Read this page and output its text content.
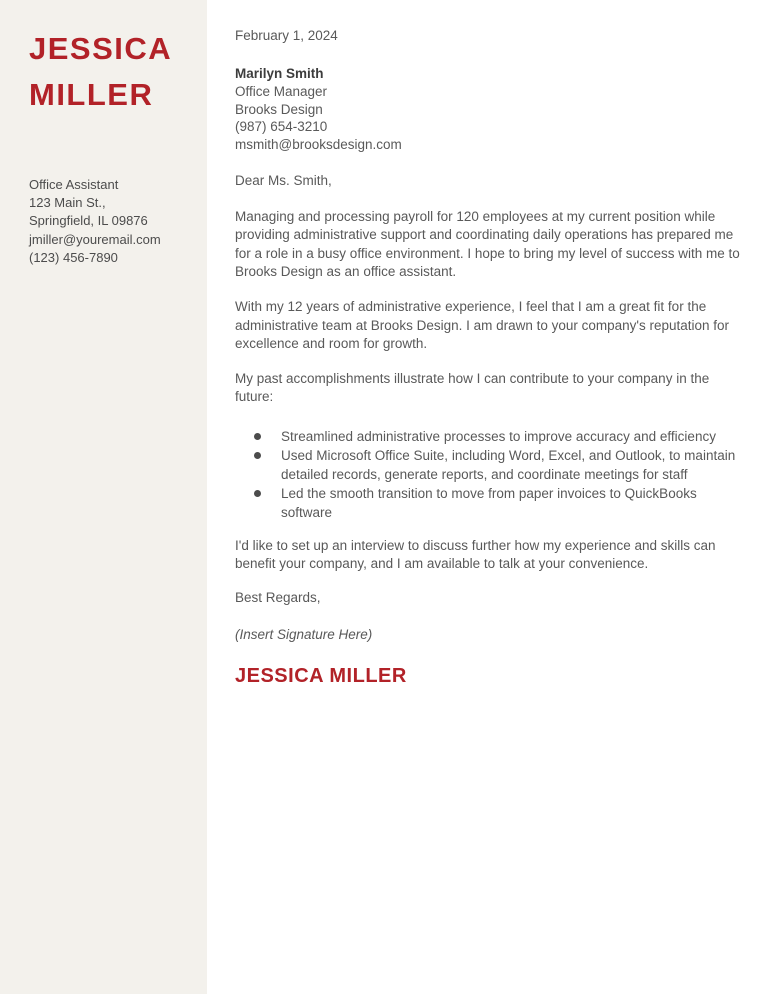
JESSICA
MILLER
Office Assistant
123 Main St.,
Springfield, IL 09876
jmiller@youremail.com
(123) 456-7890
February 1, 2024
Marilyn Smith
Office Manager
Brooks Design
(987) 654-3210
msmith@brooksdesign.com
Dear Ms. Smith,

Managing and processing payroll for 120 employees at my current position while providing administrative support and coordinating daily operations has prepared me for a role in a busy office environment. I hope to bring my level of success with me to Brooks Design as an office assistant.

With my 12 years of administrative experience, I feel that I am a great fit for the administrative team at Brooks Design. I am drawn to your company's reputation for excellence and room for growth.

My past accomplishments illustrate how I can contribute to your company in the future:

Streamlined administrative processes to improve accuracy and efficiency
Used Microsoft Office Suite, including Word, Excel, and Outlook, to maintain detailed records, generate reports, and coordinate meetings for staff
Led the smooth transition to move from paper invoices to QuickBooks software

I'd like to set up an interview to discuss further how my experience and skills can benefit your company, and I am available to talk at your convenience.

Best Regards,
(Insert Signature Here)
JESSICA MILLER
